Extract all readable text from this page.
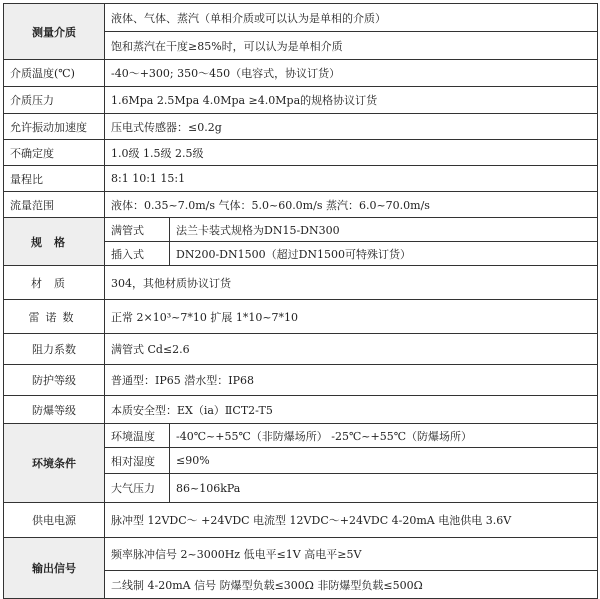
测量介质	液体、气体、蒸汽（单相介质或可以认为是单相的介质）	
	饱和蒸汽在干度≥85%时，可以认为是单相介质	
介质温度(℃)	-40～+300; 350～450（电容式，协议订货）	
介质压力	1.6Mpa 2.5Mpa 4.0Mpa ≥4.0Mpa的规格协议订货	
允许振动加速度	压电式传感器：≤0.2g	
不确定度	1.0级 1.5级 2.5级	
量程比	8:1 10:1 15:1	
流量范围	液体：0.35~7.0m/s 气体：5.0~60.0m/s 蒸汽：6.0~70.0m/s	
规格	满管式	法兰卡装式规格为DN15-DN300
	插入式	DN200-DN1500（超过DN1500可特殊订货）
材质	304，其他材质协议订货	
雷诺数	正常 2×10³~7*10 扩展 1*10~7*10	
阻力系数	满管式 Cd≤2.6	
防护等级	普通型：IP65 潜水型：IP68	
防爆等级	本质安全型：EX（ia）ⅡCT2-T5	
环境条件	环境温度	-40℃~+55℃（非防爆场所） -25℃~+55℃（防爆场所）
	相对湿度	≤90%
	大气压力	86~106kPa
供电电源	脉冲型 12VDC～ +24VDC 电流型 12VDC～+24VDC 4-20mA 电池供电 3.6V	
输出信号	频率脉冲信号 2~3000Hz 低电平≤1V 高电平≥5V	
	二线制 4-20mA 信号 防爆型负载≤300Ω 非防爆型负载≤500Ω	
